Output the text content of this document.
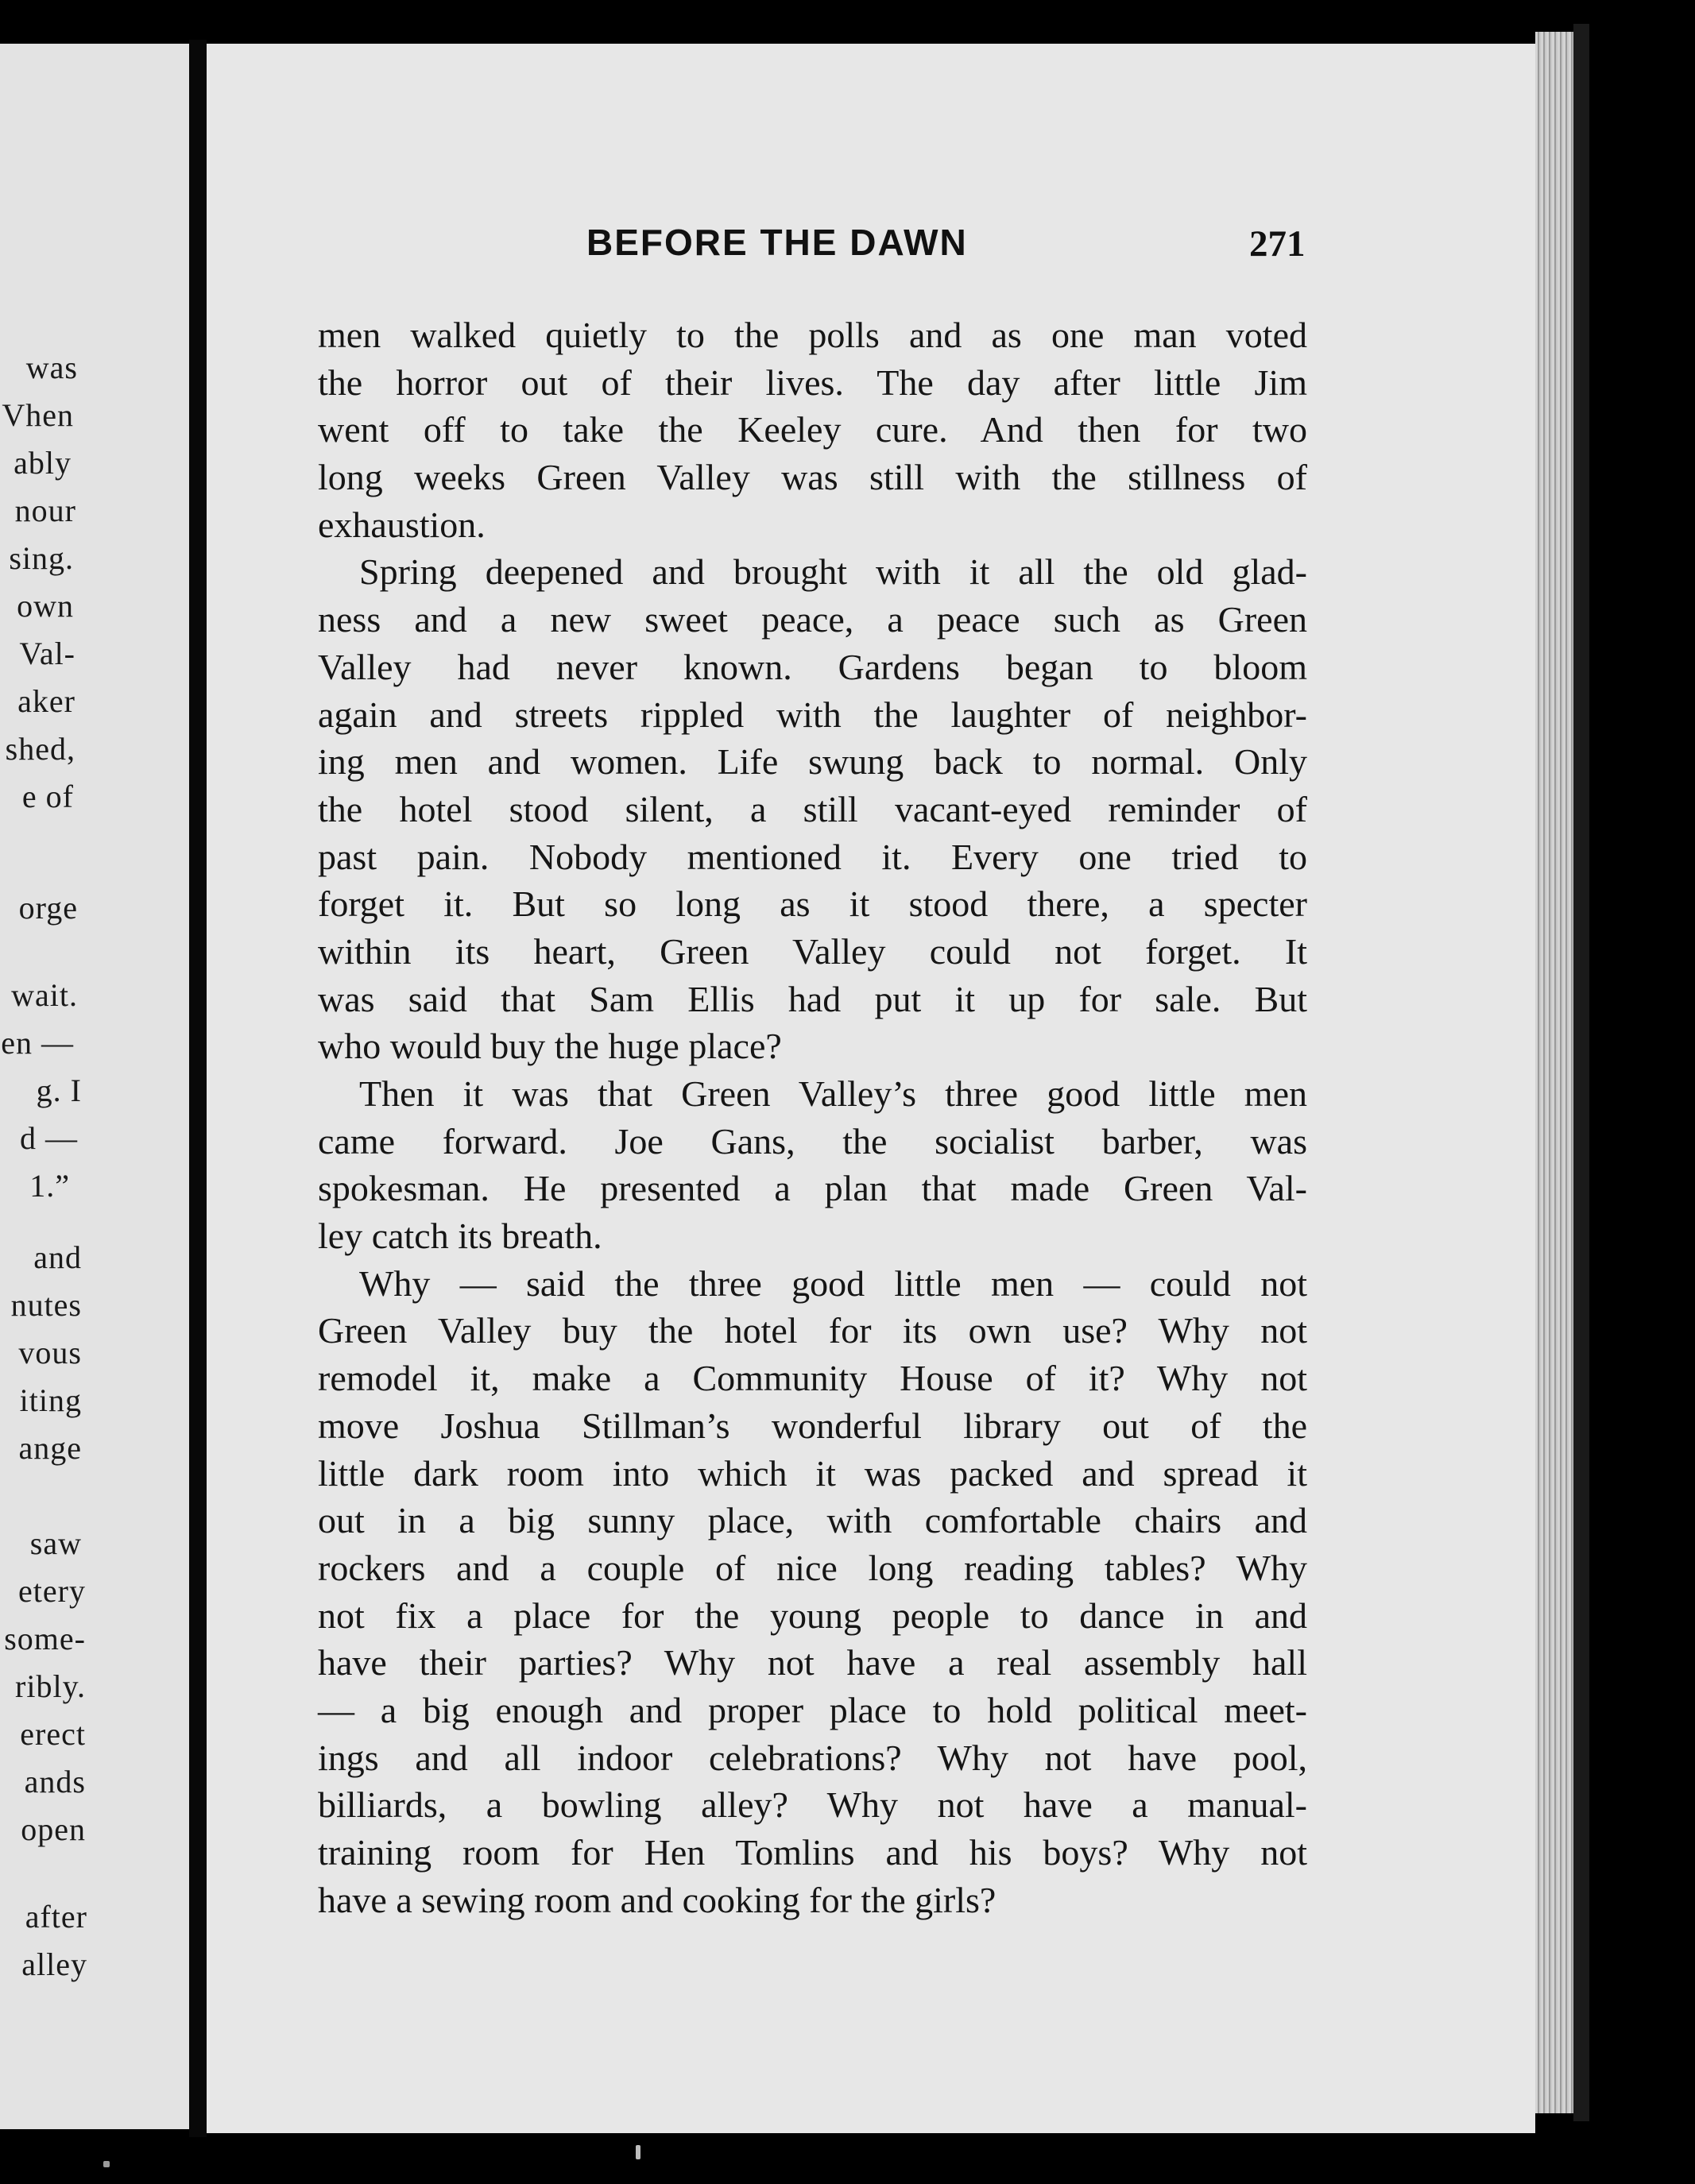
was
Vhen
ably
nour
sing.
own
Val-
aker
shed,
e of
orge
wait.
en —
g. I
d —
1.”
and
nutes
vous
iting
ange
saw
etery
some-
ribly.
erect
ands
open
after
alley
BEFORE THE DAWN	271
men walked quietly to the polls and as one man voted
the horror out of their lives. The day after little Jim
went off to take the Keeley cure. And then for two
long weeks Green Valley was still with the stillness of
exhaustion.
Spring deepened and brought with it all the old glad-
ness and a new sweet peace, a peace such as Green
Valley had never known. Gardens began to bloom
again and streets rippled with the laughter of neighbor-
ing men and women. Life swung back to normal. Only
the hotel stood silent, a still vacant-eyed reminder of
past pain. Nobody mentioned it. Every one tried to
forget it. But so long as it stood there, a specter
within its heart, Green Valley could not forget. It
was said that Sam Ellis had put it up for sale. But
who would buy the huge place?
Then it was that Green Valley’s three good little men
came forward. Joe Gans, the socialist barber, was
spokesman. He presented a plan that made Green Val-
ley catch its breath.
Why — said the three good little men — could not
Green Valley buy the hotel for its own use? Why not
remodel it, make a Community House of it? Why not
move Joshua Stillman’s wonderful library out of the
little dark room into which it was packed and spread it
out in a big sunny place, with comfortable chairs and
rockers and a couple of nice long reading tables? Why
not fix a place for the young people to dance in and
have their parties? Why not have a real assembly hall
— a big enough and proper place to hold political meet-
ings and all indoor celebrations? Why not have pool,
billiards, a bowling alley? Why not have a manual-
training room for Hen Tomlins and his boys? Why not
have a sewing room and cooking for the girls?
